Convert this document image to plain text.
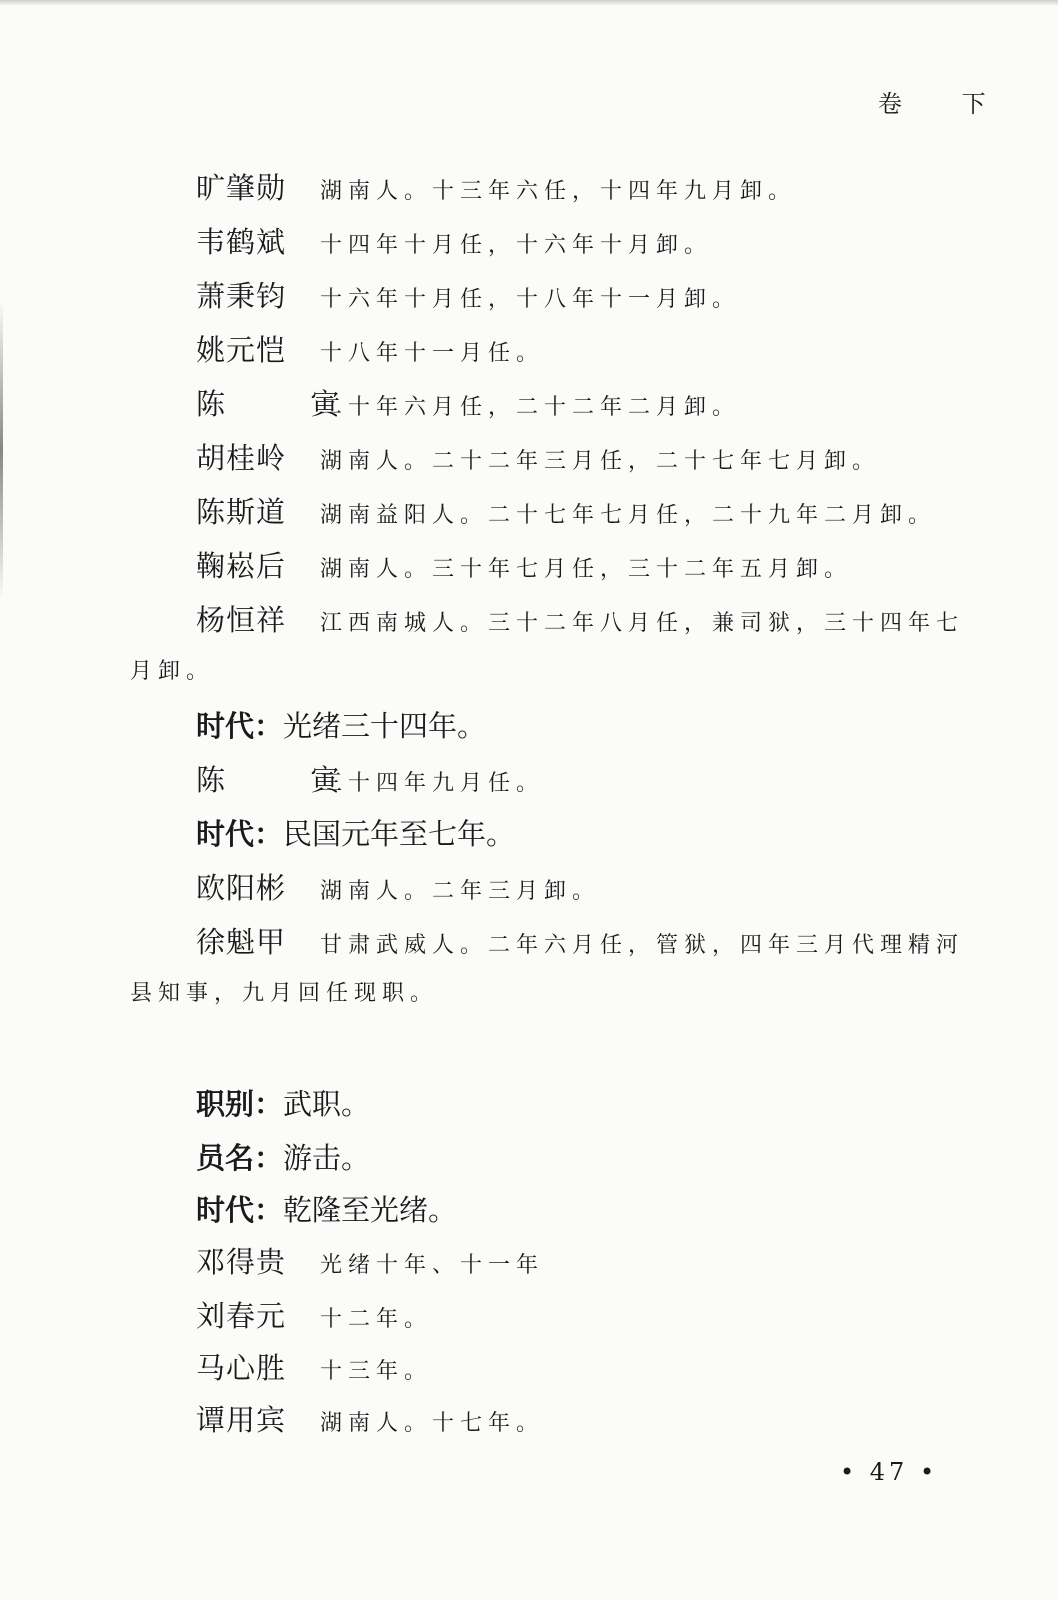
卷 下
旷肇勋 湖南人。十三年六任，十四年九月卸。
韦鹤斌 十四年十月任，十六年十月卸。
萧秉钧 十六年十月任，十八年十一月卸。
姚元恺 十八年十一月任。
陈 寅二十年六月任，二十二年二月卸。
胡桂岭 湖南人。二十二年三月任，二十七年七月卸。
陈斯道 湖南益阳人。二十七年七月任，二十九年二月卸。
鞠崧后 湖南人。三十年七月任，三十二年五月卸。
杨恒祥 江西南城人。三十二年八月任，兼司狱，三十四年七
月卸。
时代：光绪三十四年。
陈 寅三十四年九月任。
时代：民国元年至七年。
欧阳彬 湖南人。二年三月卸。
徐魁甲 甘肃武威人。二年六月任，管狱，四年三月代理精河
县知事，九月回任现职。
职别：武职。
员名：游击。
时代：乾隆至光绪。
邓得贵 光绪十年、十一年
刘春元 十二年。
马心胜 十三年。
谭用宾 湖南人。十七年。
• 47 •
